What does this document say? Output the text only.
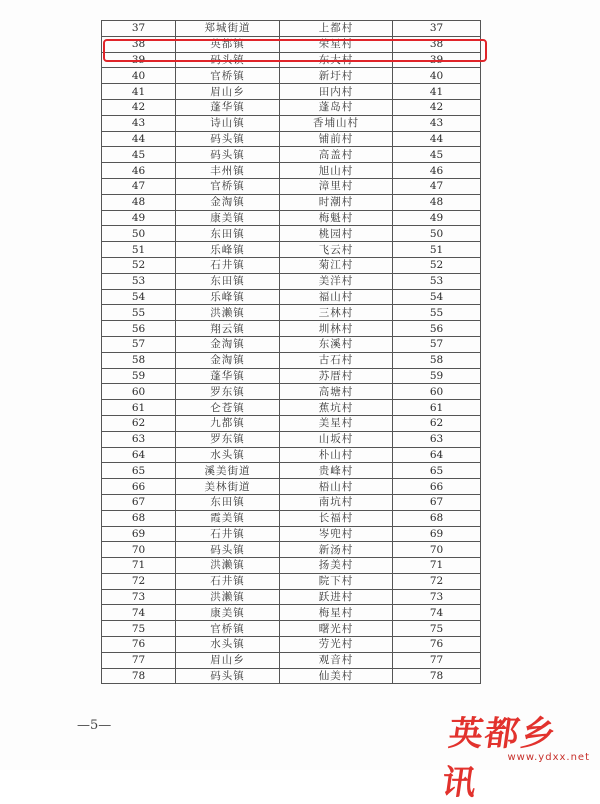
37	郑城街道	上都村	37
38	英都镇	荣星村	38
39	码头镇	东大村	39
40	官桥镇	新圩村	40
41	眉山乡	田内村	41
42	蓬华镇	蓬岛村	42
43	诗山镇	香埔山村	43
44	码头镇	铺前村	44
45	码头镇	高盖村	45
46	丰州镇	旭山村	46
47	官桥镇	漳里村	47
48	金淘镇	时潮村	48
49	康美镇	梅魁村	49
50	东田镇	桃园村	50
51	乐峰镇	飞云村	51
52	石井镇	菊江村	52
53	东田镇	美洋村	53
54	乐峰镇	福山村	54
55	洪濑镇	三林村	55
56	翔云镇	圳林村	56
57	金淘镇	东溪村	57
58	金淘镇	古石村	58
59	蓬华镇	苏厝村	59
60	罗东镇	高塘村	60
61	仑苍镇	蕉坑村	61
62	九都镇	美星村	62
63	罗东镇	山坂村	63
64	水头镇	朴山村	64
65	溪美街道	贵峰村	65
66	美林街道	梧山村	66
67	东田镇	南坑村	67
68	霞美镇	长福村	68
69	石井镇	岑兜村	69
70	码头镇	新汤村	70
71	洪濑镇	扬美村	71
72	石井镇	院下村	72
73	洪濑镇	跃进村	73
74	康美镇	梅星村	74
75	官桥镇	曙光村	75
76	水头镇	劳光村	76
77	眉山乡	观音村	77
78	码头镇	仙美村	78
—5—	英都乡讯
www.ydxx.net
